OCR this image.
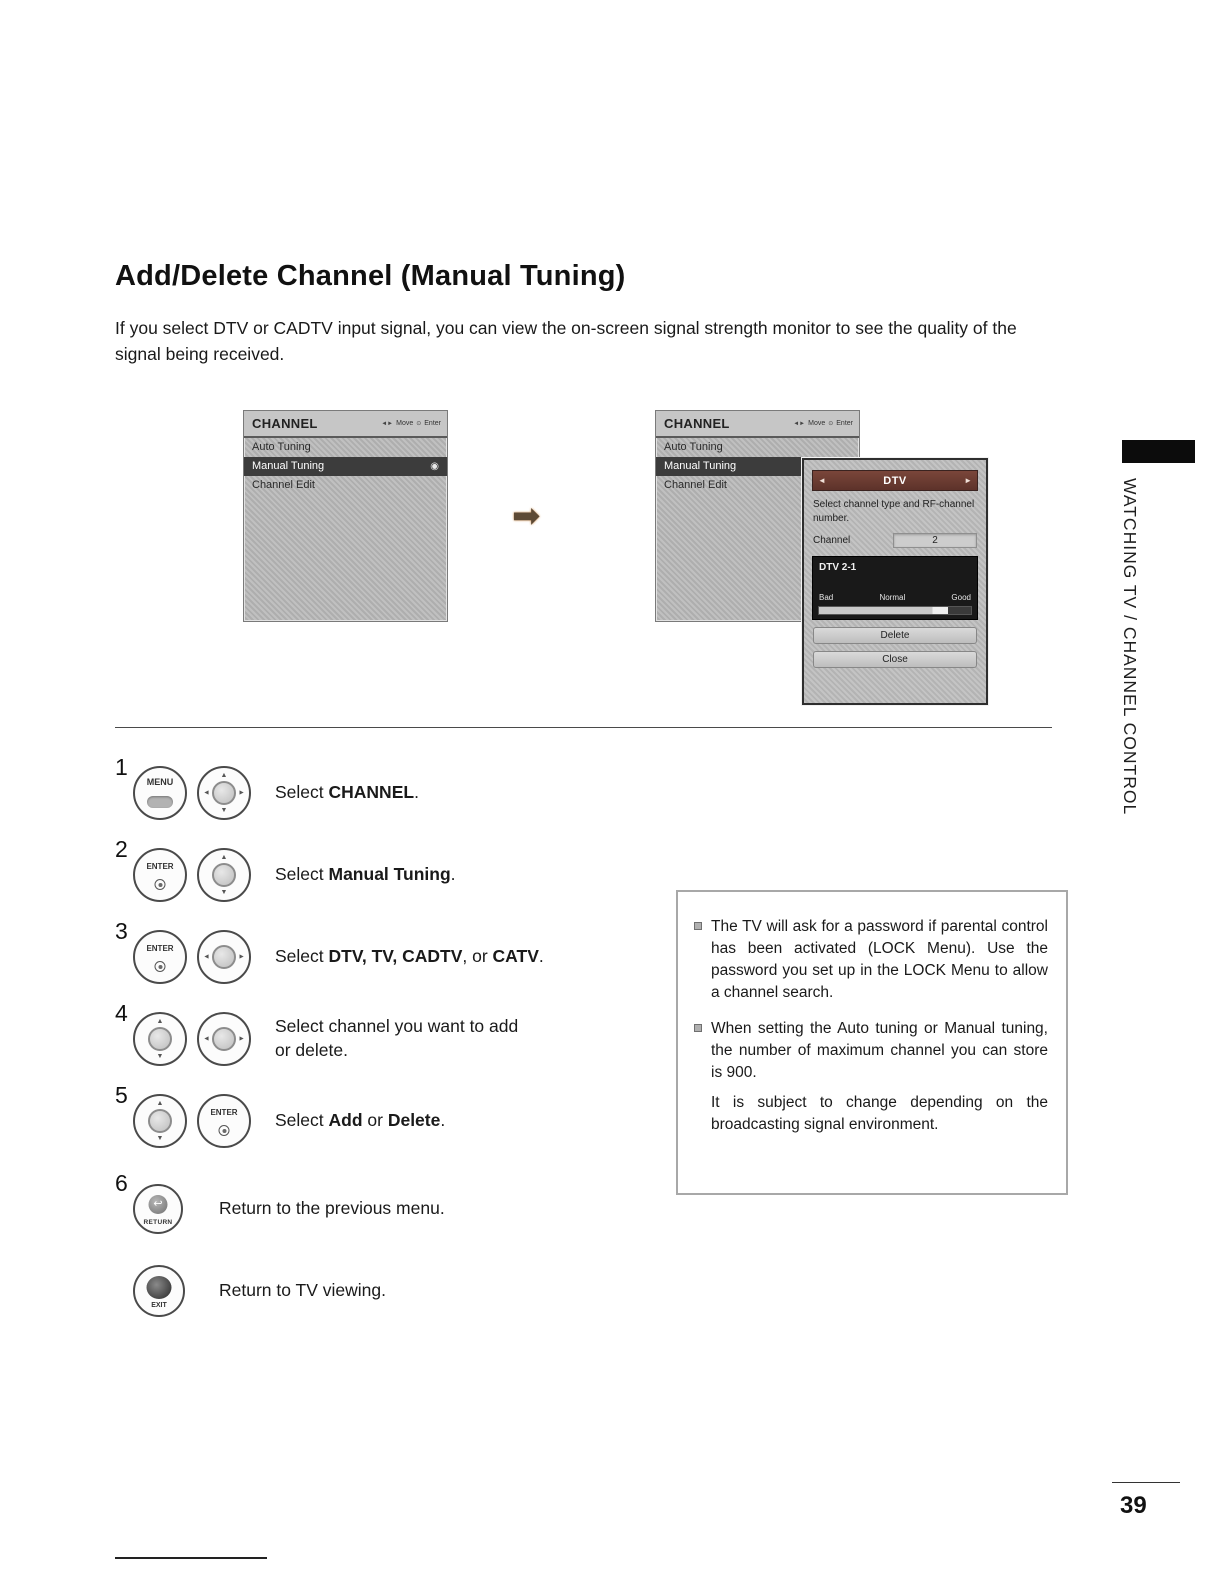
Add/Delete Channel (Manual Tuning)

If you select DTV or CADTV input signal, you can view the on-screen signal strength monitor to see the quality of the signal being received.

CHANNEL	◄► Move ⊙ Enter
Auto Tuning
Manual Tuning	◉
Channel Edit
➡
CHANNEL	◄► Move ⊙ Enter
Auto Tuning
Manual Tuning
Channel Edit	◄	DTV	►
Select channel type and RF-channel number.
Channel	2
DTV 2-1
Bad	Normal	Good
Delete
Close
1
MENU
▲
▼
◄	► Select CHANNEL.
2
ENTER
▲
▼
Select Manual Tuning.
3
ENTER
◄	► Select DTV, TV, CADTV, or CATV.
4	▲
▼
◄	►
Select channel you want to add or delete.
5	▲
▼
ENTER	Select Add or Delete.
6
↩
RETURN
Return to the previous menu.
EXIT
Return to TV viewing.

The TV will ask for a password if parental control has been activated (LOCK Menu). Use the password you set up in the LOCK Menu to allow a channel search.

When setting the Auto tuning or Manual tuning, the number of maximum channel you can store is 900.

It is subject to change depending on the broadcasting signal environment.

WATCHING TV / CHANNEL CONTROL
39
